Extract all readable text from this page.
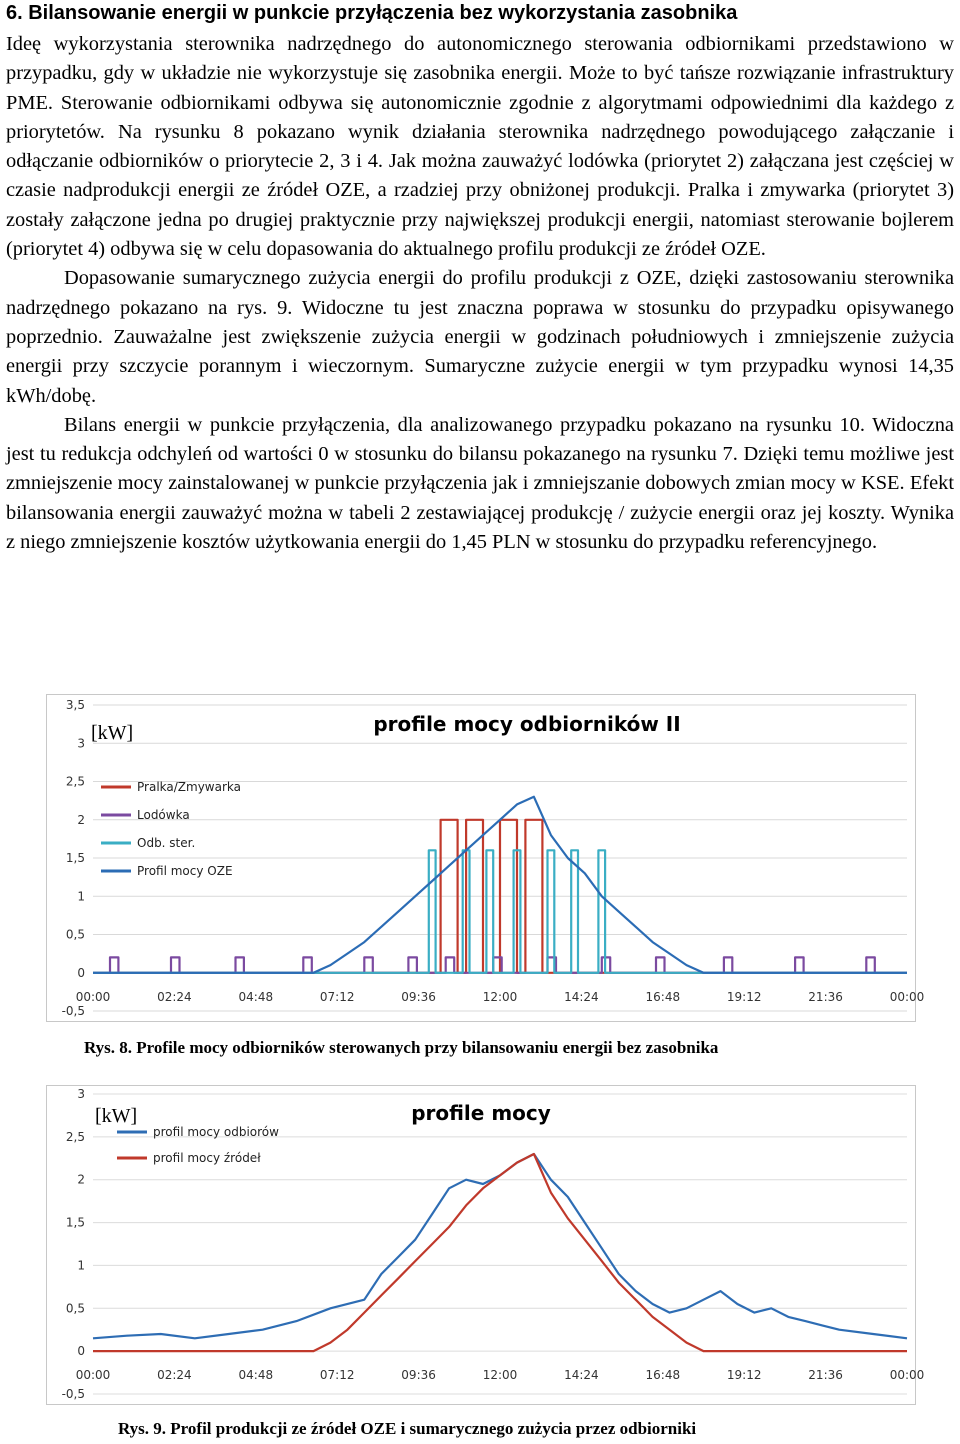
6. Bilansowanie energii w punkcie przyłączenia bez wykorzystania zasobnika

Ideę wykorzystania sterownika nadrzędnego do autonomicznego sterowania odbiornikami przedstawiono w przypadku, gdy w układzie nie wykorzystuje się zasobnika energii. Może to być tańsze rozwiązanie infrastruktury PME. Sterowanie odbiornikami odbywa się autonomicznie zgodnie z algorytmami odpowiednimi dla każdego z priorytetów. Na rysunku 8 pokazano wynik działania sterownika nadrzędnego powodującego załączanie i odłączanie odbiorników o priorytecie 2, 3 i 4. Jak można zauważyć lodówka (priorytet 2) załączana jest częściej w czasie nadprodukcji energii ze źródeł OZE, a rzadziej przy obniżonej produkcji. Pralka i zmywarka (priorytet 3) zostały załączone jedna po drugiej praktycznie przy największej produkcji energii, natomiast sterowanie bojlerem (priorytet 4) odbywa się w celu dopasowania do aktualnego profilu produkcji ze źródeł OZE.

Dopasowanie sumarycznego zużycia energii do profilu produkcji z OZE, dzięki zastosowaniu sterownika nadrzędnego pokazano na rys. 9. Widoczne tu jest znaczna poprawa w stosunku do przypadku opisywanego poprzednio. Zauważalne jest zwiększenie zużycia energii w godzinach południowych i zmniejszenie zużycia energii przy szczycie porannym i wieczornym. Sumaryczne zużycie energii w tym przypadku wynosi 14,35 kWh/dobę.

Bilans energii w punkcie przyłączenia, dla analizowanego przypadku pokazano na rysunku 10. Widoczna jest tu redukcja odchyleń od wartości 0 w stosunku do bilansu pokazanego na rysunku 7. Dzięki temu możliwe jest zmniejszenie mocy zainstalowanej w punkcie przyłączenia jak i zmniejszanie dobowych zmian mocy w KSE. Efekt bilansowania energii zauważyć można w tabeli 2 zestawiającej produkcję / zużycie energii oraz jej koszty. Wynika z niego zmniejszenie kosztów użytkowania energii do 1,45 PLN w stosunku do przypadku referencyjnego.

-0,5
0
0,5
1
1,5
2
2,5
3
3,5
00:00	02:24	04:48	07:12	09:36	12:00	14:24	16:48	19:12	21:36	00:00
[kW]	profile mocy odbiorników II
Pralka/Zmywarka
Lodówka
Odb. ster.
Profil mocy OZE
Rys. 8. Profile mocy odbiorników sterowanych przy bilansowaniu energii bez zasobnika
-0,5
0
0,5
1
1,5
2
2,5
3
00:00	02:24	04:48	07:12	09:36	12:00	14:24	16:48	19:12	21:36	00:00
[kW]	profile mocy
profil mocy odbiorów
profil mocy źródeł
Rys. 9. Profil produkcji ze źródeł OZE i sumarycznego zużycia przez odbiorniki
